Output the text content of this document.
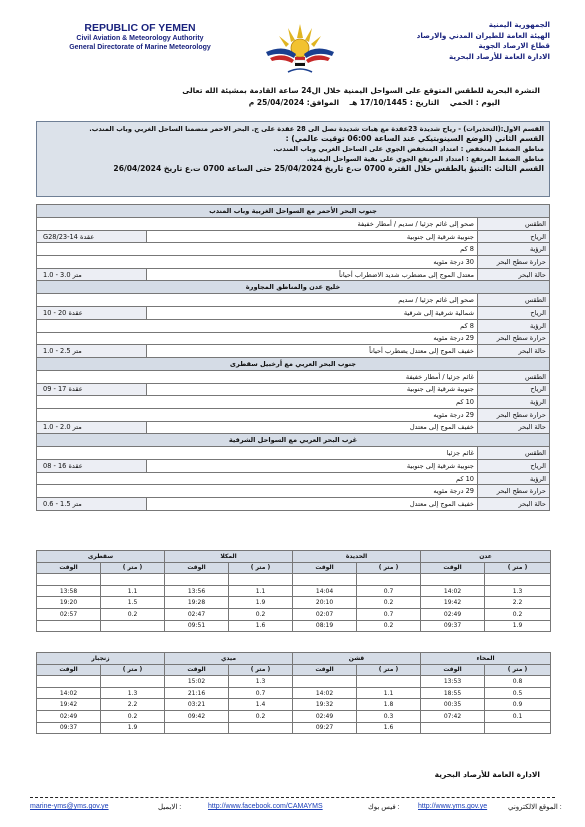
REPUBLIC OF YEMEN
Civil Aviation & Meteorology Authority
General Directorate of Marine Meteorology
الجمهورية اليمنية
الهيئة العامة للطيران المدني والارصاد
قطاع الارصاد الجوية
الادارة العامة للأرصاد البحرية
النشرة البحرية للطقس المتوقع على السواحل اليمنية خلال ال24 ساعة القادمة بمشيئة الله تعالى
اليوم : الخمي    التاريخ : 17/10/1445 هـ    الموافق: 25/04/2024 م
القسم الاول:(التحذيرات) - رياح شديدة 23عقدة مع هبات شديدة تصل الى 28 عقدة على ج. البحر الاحمر متضمنا الساحل الغربي وباب المندب.
القسم الثاني (الوضع السينوبتيكي عند الساعة 06:00 توقيت عالمي) :
مناطق الضغط المنخفض : امتداد المنخفض الجوي على الساحل الغربي وباب المندب.
مناطق الضغط المرتفع : امتداد المرتفع الجوي على بقية السواحل اليمنية.
القسم الثالث :التنبؤ بالطقس خلال الفترة 0700 ت.ع تاريخ 25/04/2024 حتى الساعة 0700 ت.ع تاريخ 26/04/2024
جنوب البحر الأحمر مع السواحل الغربية وباب المندب		
الطقس	صحو إلى غائم جزئيا / سديم / أمطار خفيفة	
الرياح	جنوبية شرقية إلى جنوبية	G28/23-14 عقدة
الرؤية	8 كم	
حرارة سطح البحر	30 درجة مئويه	
حالة البحر	معتدل الموج إلى مضطرب شديد الاضطراب أحياناً	1.0 - 3.0 متر
خليج عدن والمناطق المجاورة		
الطقس	صحو إلى غائم جزئيا / سديم	
الرياح	شمالية شرقية إلى شرقية	10 - 20 عقدة
الرؤية	8 كم	
حرارة سطح البحر	29 درجة مئويه	
حالة البحر	خفيف الموج إلى معتدل يضطرب أحياناً	1.0 - 2.5 متر
جنوب البحر العربي مع أرخبيل سقطرى		
الطقس	غائم جزئيا / أمطار خفيفة	
الرياح	جنوبية شرقية إلى جنوبية	09 - 17 عقدة
الرؤية	10 كم	
حرارة سطح البحر	29 درجة مئويه	
حالة البحر	خفيف الموج إلى معتدل	1.0 - 2.0 متر
غرب البحر العربي مع السواحل الشرقية		
الطقس	غائم جزئيا	
الرياح	جنوبية شرقية إلى جنوبية	08 - 16 عقدة
الرؤية	10 كم	
حرارة سطح البحر	29 درجة مئويه	
حالة البحر	خفيف الموج إلى معتدل	0.6 - 1.5 متر
سقطرى		المكلا		الحديدة		عدن	
الوقت	( متر )	الوقت	( متر )	الوقت	( متر )	الوقت	( متر )	

13:58	1.1	13:56	1.1	14:04	0.7	14:02	1.3	
19:20	1.5	19:28	1.9	20:10	0.2	19:42	2.2	
02:57	0.2	02:47	0.2	02:07	0.7	02:49	0.2	
		09:51	1.6	08:19	0.2	09:37	1.9	
زنجبار		ميدي		قشن		المخاء	
الوقت	( متر )	الوقت	( متر )	الوقت	( متر )	الوقت	( متر )	
		15:02	1.3			13:53	0.8	
14:02	1.3	21:16	0.7	14:02	1.1	18:55	0.5	
19:42	2.2	03:21	1.4	19:32	1.8	00:35	0.9	
02:49	0.2	09:42	0.2	02:49	0.3	07:42	0.1	
09:37	1.9			09:27	1.6			
الادارة العامة للأرصاد البحرية
marine-yms@yms.gov.ye	الايميل :	http://www.facebook.com/CAMAYMS	فيس بوك :	http://www.yms.gov.ye	الموقع الالكتروني :
